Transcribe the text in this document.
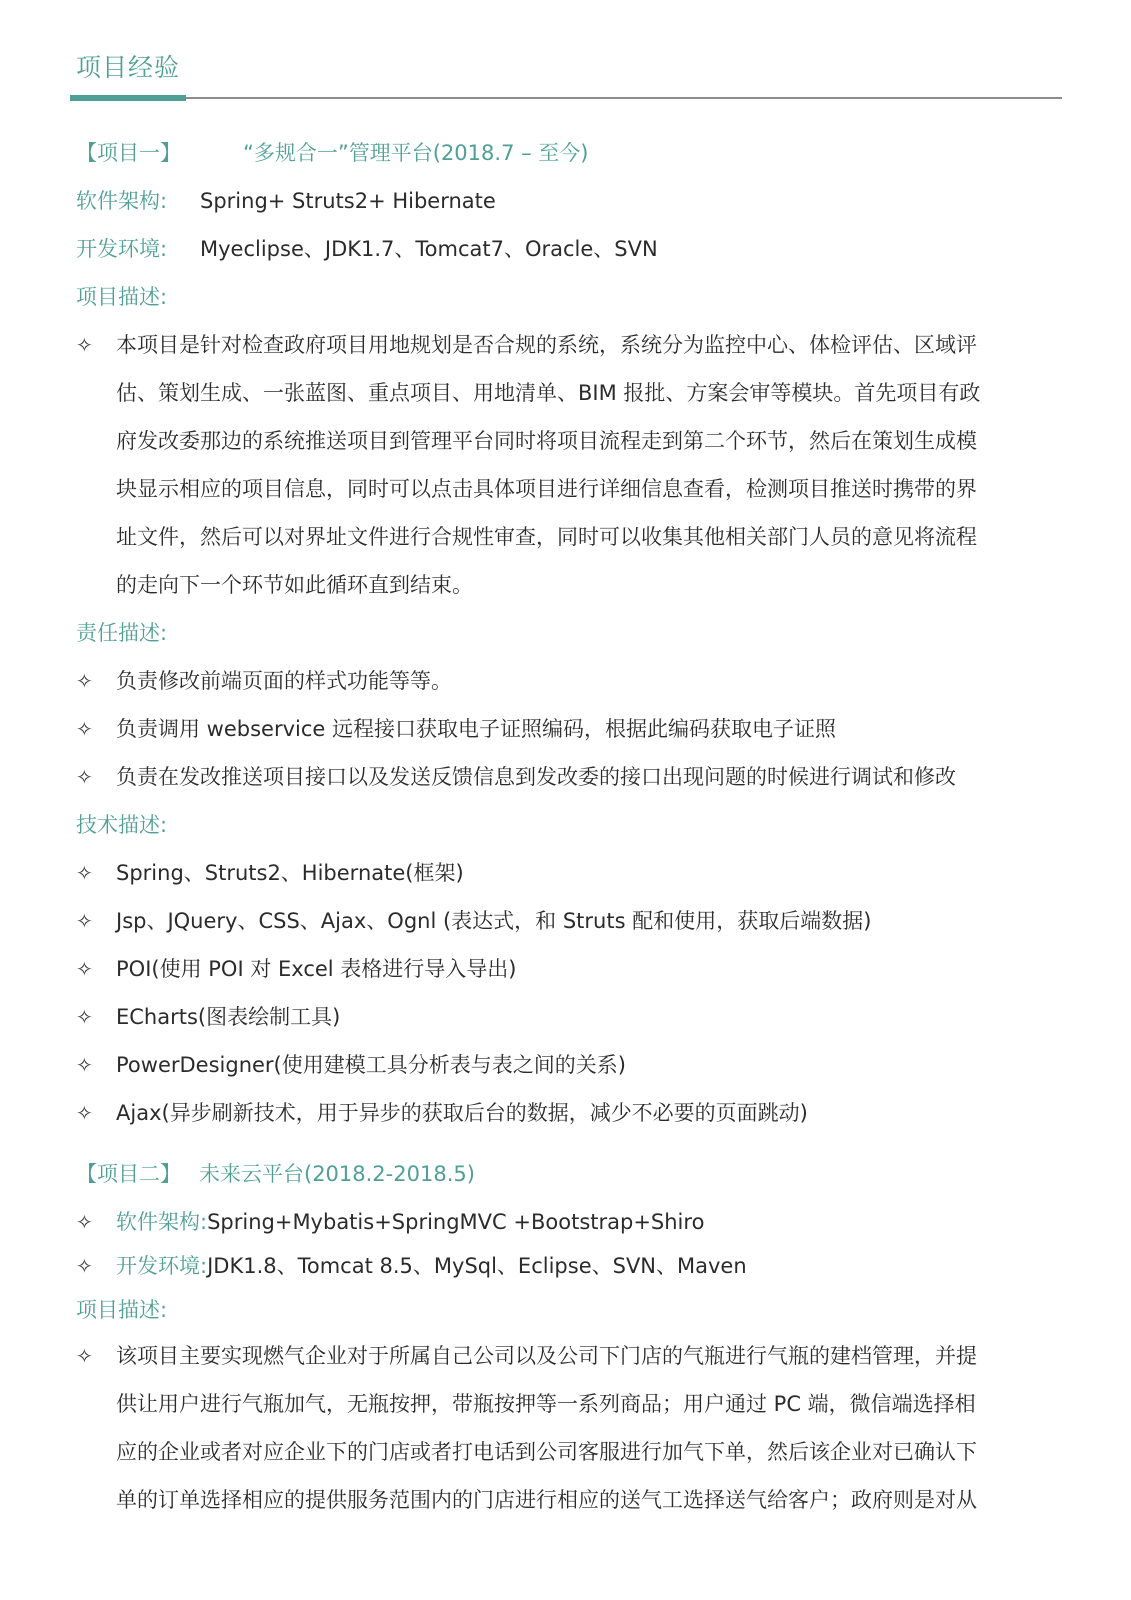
项目经验
【项目一】	“多规合一”管理平台(2018.7 – 至今)
软件架构: Spring+ Struts2+ Hibernate
开发环境: Myeclipse、JDK1.7、Tomcat7、Oracle、SVN
项目描述:
✧ 本项目是针对检查政府项目用地规划是否合规的系统，系统分为监控中心、体检评估、区域评
估、策划生成、一张蓝图、重点项目、用地清单、BIM 报批、方案会审等模块。首先项目有政
府发改委那边的系统推送项目到管理平台同时将项目流程走到第二个环节，然后在策划生成模
块显示相应的项目信息，同时可以点击具体项目进行详细信息查看，检测项目推送时携带的界
址文件，然后可以对界址文件进行合规性审查，同时可以收集其他相关部门人员的意见将流程
的走向下一个环节如此循环直到结束。
责任描述:
✧ 负责修改前端页面的样式功能等等。
✧ 负责调用 webservice 远程接口获取电子证照编码，根据此编码获取电子证照
✧ 负责在发改推送项目接口以及发送反馈信息到发改委的接口出现问题的时候进行调试和修改
技术描述:
✧ Spring、Struts2、Hibernate(框架)
✧ Jsp、JQuery、CSS、Ajax、Ognl (表达式，和 Struts 配和使用，获取后端数据)
✧ POI(使用 POI 对 Excel 表格进行导入导出)
✧ ECharts(图表绘制工具)
✧ PowerDesigner(使用建模工具分析表与表之间的关系)
✧ Ajax(异步刷新技术，用于异步的获取后台的数据，减少不必要的页面跳动)
【项目二】 未来云平台(2018.2-2018.5)
✧ 软件架构:Spring+Mybatis+SpringMVC +Bootstrap+Shiro
✧ 开发环境:JDK1.8、Tomcat 8.5、MySql、Eclipse、SVN、Maven
项目描述:
✧ 该项目主要实现燃气企业对于所属自己公司以及公司下门店的气瓶进行气瓶的建档管理，并提
供让用户进行气瓶加气，无瓶按押，带瓶按押等一系列商品；用户通过 PC 端，微信端选择相
应的企业或者对应企业下的门店或者打电话到公司客服进行加气下单，然后该企业对已确认下
单的订单选择相应的提供服务范围内的门店进行相应的送气工选择送气给客户；政府则是对从
